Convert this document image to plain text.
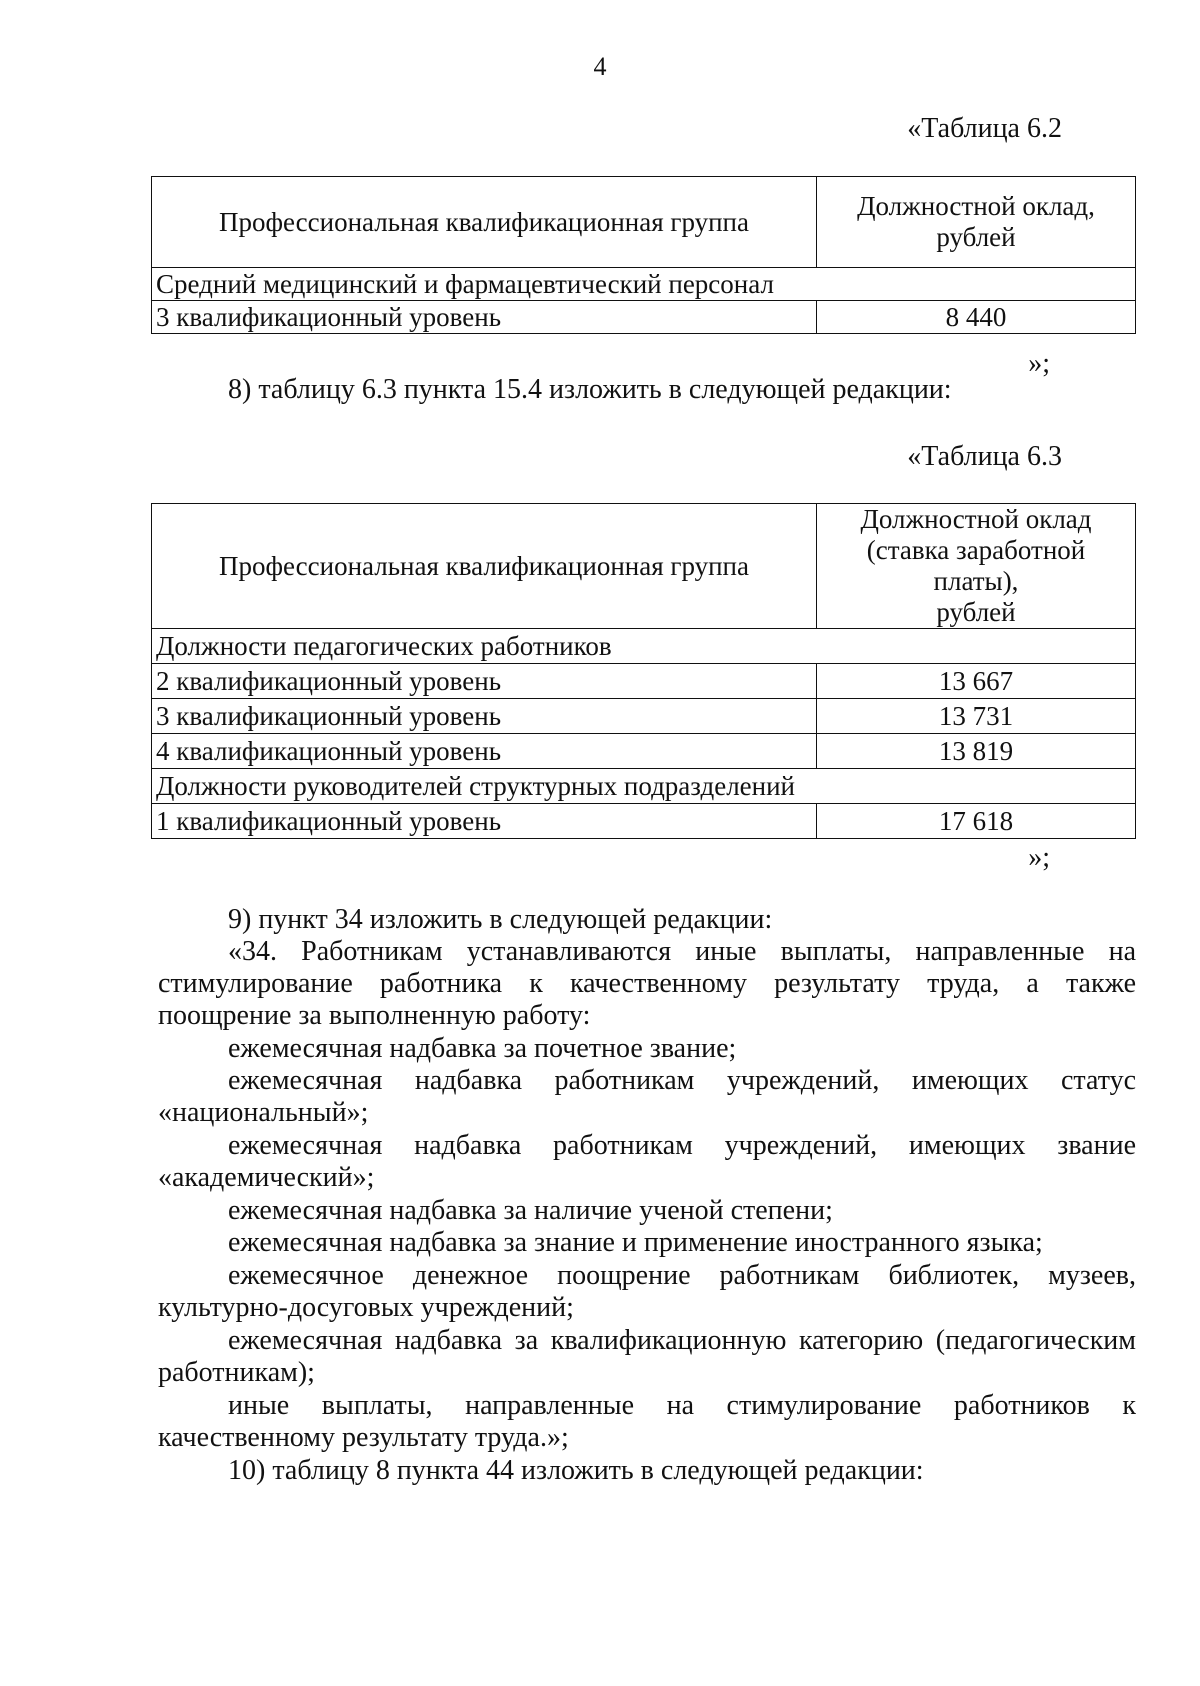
4
«Таблица 6.2
Профессиональная квалификационная группа	Должностной оклад,
рублей

Средний медицинский и фармацевтический персонал	
3 квалификационный уровень	8 440
»;
8) таблицу 6.3 пункта 15.4 изложить в следующей редакции:
«Таблица 6.3
Профессиональная квалификационная группа	Должностной оклад
(ставка заработной платы),
рублей

Должности педагогических работников	
2 квалификационный уровень	13 667
3 квалификационный уровень	13 731
4 квалификационный уровень	13 819
Должности руководителей структурных подразделений	
1 квалификационный уровень	17 618
»;
9) пункт 34 изложить в следующей редакции:
«34. Работникам устанавливаются иные выплаты, направленные на
стимулирование работника к качественному результату труда, а также
поощрение за выполненную работу:
ежемесячная надбавка за почетное звание;
ежемесячная надбавка работникам учреждений, имеющих статус
«национальный»;
ежемесячная надбавка работникам учреждений, имеющих звание
«академический»;
ежемесячная надбавка за наличие ученой степени;
ежемесячная надбавка за знание и применение иностранного языка;
ежемесячное денежное поощрение работникам библиотек, музеев,
культурно-досуговых учреждений;
ежемесячная надбавка за квалификационную категорию (педагогическим
работникам);
иные выплаты, направленные на стимулирование работников к
качественному результату труда.»;
10) таблицу 8 пункта 44 изложить в следующей редакции:
